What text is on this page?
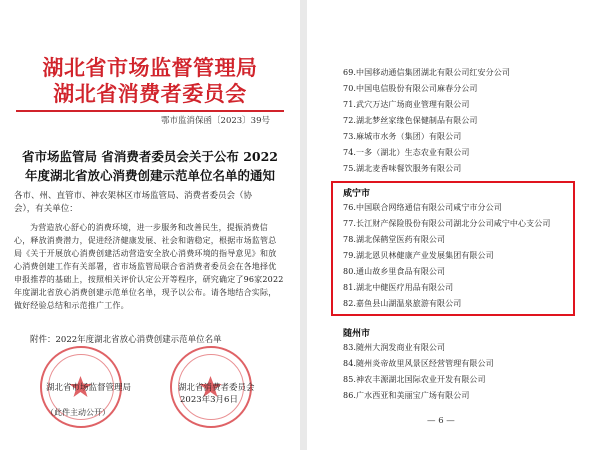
湖北省市场监督管理局
湖北省消费者委员会
鄂市监消保函〔2023〕39号
省市场监管局 省消费者委员会关于公布 2022
年度湖北省放心消费创建示范单位名单的通知
各市、州、直管市、神农架林区市场监管局、消费者委员会（协
会），有关单位：

为营造放心舒心的消费环境，进一步服务和改善民生，提振消费信心，释放消费潜力，促进经济健康发展、社会和谐稳定，根据市场监管总局《关于开展放心消费创建活动营造安全放心消费环境的指导意见》和放心消费创建工作有关部署，省市场监管局联合省消费者委员会在各地择优申报推荐的基础上，按照相关评价认定公开等程序，研究确定了96家2022年度湖北省放心消费创建示范单位名单，现予以公布。请各地结合实际，做好经验总结和示范推广工作。

附件：2022年度湖北省放心消费创建示范单位名单
湖北省市场监督管理局	湖北省消费者委员会
2023年3月6日
（此件主动公开）
69.中国移动通信集团湖北有限公司红安分公司
70.中国电信股份有限公司麻春分公司
71.武穴万达广场商业管理有限公司
72.湖北梦丝家缘色保健制品有限公司
73.麻城市水务（集团）有限公司
74.一多（湖北）生态农业有限公司
75.湖北麦香味餐饮服务有限公司
咸宁市
76.中国联合网络通信有限公司咸宁市分公司
77.长江财产保险股份有限公司湖北分公司咸宁中心支公司
78.湖北保鹤堂医药有限公司
79.湖北恩贝林健康产业发展集团有限公司
80.通山故乡里食品有限公司
81.湖北中健医疗用品有限公司
82.嘉鱼县山湖温泉旅游有限公司
随州市
83.随州大润发商业有限公司
84.随州炎帝故里风景区经营管理有限公司
85.神农丰源湖北国际农业开发有限公司
86.广水西亚和美丽宝广场有限公司
— 6 —
